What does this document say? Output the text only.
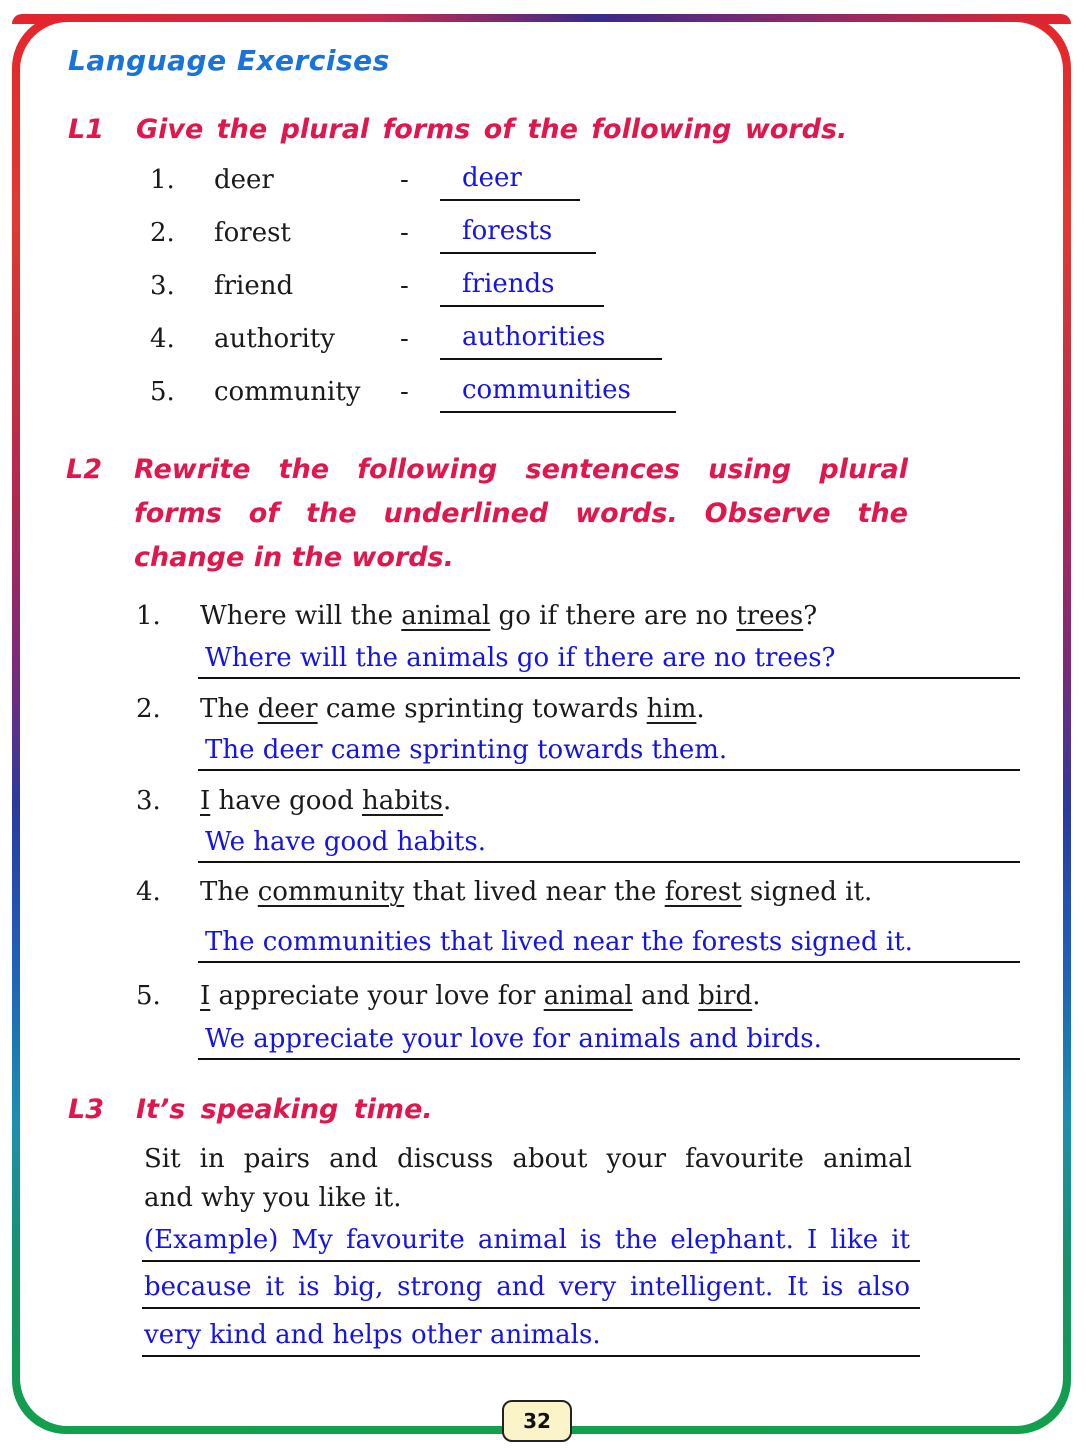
Language Exercises
L1 Give the plural forms of the following words.
1. deer	- deer
2. forest	- forests
3. friend	- friends
4. authority	- authorities
5. community - communities
L2 Rewrite the following sentences using plural
forms of the underlined words. Observe the
change in the words.
1. Where will the animal go if there are no trees?
Where will the animals go if there are no trees?
2. The deer came sprinting towards him.
The deer came sprinting towards them.
3. I have good habits.
We have good habits.
4. The community that lived near the forest signed it.
The communities that lived near the forests signed it.
5. I appreciate your love for animal and bird.
We appreciate your love for animals and birds.
L3 It’s speaking time.
Sit in pairs and discuss about your favourite animal
and why you like it.
(Example) My favourite animal is the elephant. I like it
because it is big, strong and very intelligent. It is also
very kind and helps other animals.
32
